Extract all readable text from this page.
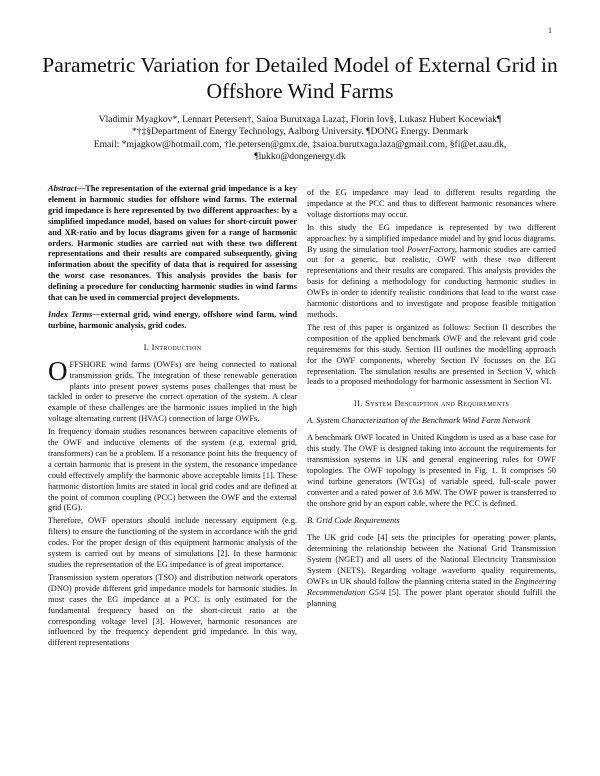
1
Parametric Variation for Detailed Model of External Grid in Offshore Wind Farms
Vladimir Myagkov*, Lennart Petersen†, Saioa Burutxaga Laza‡, Florin Iov§, Lukasz Hubert Kocewiak¶
*†‡§Department of Energy Technology, Aalborg University. ¶DONG Energy. Denmark
Email: *mjagkow@hotmail.com, †le.petersen@gmx.de, ‡saioa.burutxaga.laza@gmail.com, §fi@et.aau.dk,
¶lukko@dongenergy.dk

Abstract—The representation of the external grid impedance is a key element in harmonic studies for offshore wind farms. The external grid impedance is here represented by two different approaches: by a simplified impedance model, based on values for short-circuit power and XR-ratio and by locus diagrams given for a range of harmonic orders. Harmonic studies are carried out with these two different representations and their results are compared subsequently, giving information about the specifity of data that is required for assessing the worst case resonances. This analysis provides the basis for defining a procedure for conducting harmonic studies in wind farms that can be used in commercial project developments.

Index Terms—external grid, wind energy, offshore wind farm, wind turbine, harmonic analysis, grid codes.

I. Introduction

OFFSHORE wind farms (OWFs) are being connected to national transmission grids. The integration of these renewable generation plants into present power systems poses challenges that must be tackled in order to preserve the correct operation of the system. A clear example of these challenges are the harmonic issues implied in the high voltage alternating current (HVAC) connection of large OWFs.

In frequency domain studies resonances between capacitive elements of the OWF and inductive elements of the system (e.g. external grid, transformers) can be a problem. If a resonance point hits the frequency of a certain harmonic that is present in the system, the resonance impedance could effectively amplify the harmonic above acceptable limits [1]. These harmonic distortion limits are stated in local grid codes and are defined at the point of common coupling (PCC) between the OWF and the external grid (EG).

Therefore, OWF operators should include necessary equipment (e.g. filters) to ensure the functioning of the system in accordance with the grid codes. For the proper design of this equipment harmonic analysis of the system is carried out by means of simulations [2]. In these harmonic studies the representation of the EG impedance is of great importance.

Transmission system operators (TSO) and distribution network operators (DNO) provide different grid impedance models for harmonic studies. In most cases the EG impedance at a PCC is only estimated for the fundamental frequency based on the short-circuit ratio at the corresponding voltage level [3]. However, harmonic resonances are influenced by the frequency dependent grid impedance. In this way, different representations

of the EG impedance may lead to different results regarding the impedance at the PCC and thus to different harmonic resonances where voltage distortions may occur.

In this study the EG impedance is represented by two different approaches: by a simplified impedance model and by grid locus diagrams. By using the simulation tool PowerFactory, harmonic studies are carried out for a generic, but realistic, OWF with these two different representations and their results are compared. This analysis provides the basis for defining a methodology for conducting harmonic studies in OWFs in order to identify realistic conditions that lead to the worst case harmonic distortions and to investigate and propose feasible mitigation methods.

The rest of this paper is organized as follows: Section II describes the composition of the applied benchmark OWF and the relevant grid code requirements for this study. Section III outlines the modelling approach for the OWF components, whereby Section IV focusses on the EG representation. The simulation results are presented in Section V, which leads to a proposed methodology for harmonic assessment in Section VI.

II. System Description and Requirements
A. System Characterization of the Benchmark Wind Farm Network

A benchmark OWF located in United Kingdom is used as a base case for this study. The OWF is designed taking into account the requirements for transmission systems in UK and general engineering rules for OWF topologies. The OWF topology is presented in Fig. 1. It comprises 50 wind turbine generators (WTGs) of variable speed, full-scale power converter and a rated power of 3.6 MW. The OWF power is transferred to the onshore grid by an export cable, where the PCC is defined.

B. Grid Code Requirements

The UK grid code [4] sets the principles for operating power plants, determining the relationship between the National Grid Transmission System (NGET) and all users of the National Electricity Transmission System (NETS). Regarding voltage waveform quality requirements, OWFs in UK should follow the planning criteria stated in the Engineering Recommendation G5/4 [5]. The power plant operator should fulfill the planning
